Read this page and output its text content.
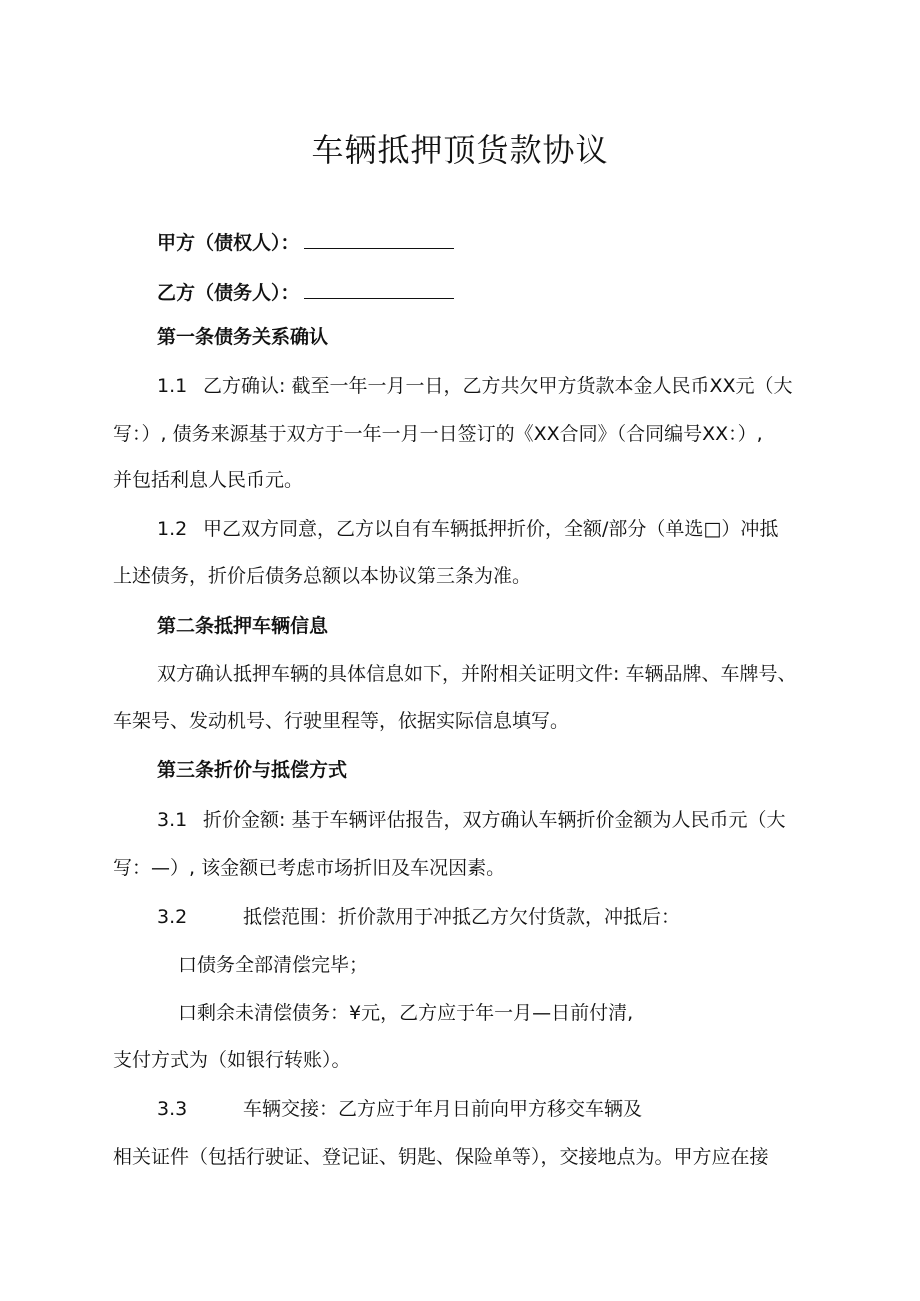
车辆抵押顶货款协议
甲方（债权人）：
乙方（债务人）：
第一条债务关系确认
1.1 乙方确认: 截至一年一月一日，乙方共欠甲方货款本金人民币XX元（大
写：）, 债务来源基于双方于一年一月一日签订的《XX合同》（合同编号XX：）,
并包括利息人民币元。
1.2 甲乙双方同意，乙方以自有车辆抵押折价，全额/部分（单选□）冲抵
上述债务，折价后债务总额以本协议第三条为准。
第二条抵押车辆信息
双方确认抵押车辆的具体信息如下，并附相关证明文件: 车辆品牌、车牌号、
车架号、发动机号、行驶里程等，依据实际信息填写。
第三条折价与抵偿方式
3.1 折价金额: 基于车辆评估报告，双方确认车辆折价金额为人民币元（大
写：—）, 该金额已考虑市场折旧及车况因素。
3.2	抵偿范围：折价款用于冲抵乙方欠付货款，冲抵后：
口债务全部清偿完毕；
口剩余未清偿债务：¥元，乙方应于年一月—日前付清,
支付方式为（如银行转账）。
3.3	车辆交接：乙方应于年月日前向甲方移交车辆及
相关证件（包括行驶证、登记证、钥匙、保险单等），交接地点为。甲方应在接
